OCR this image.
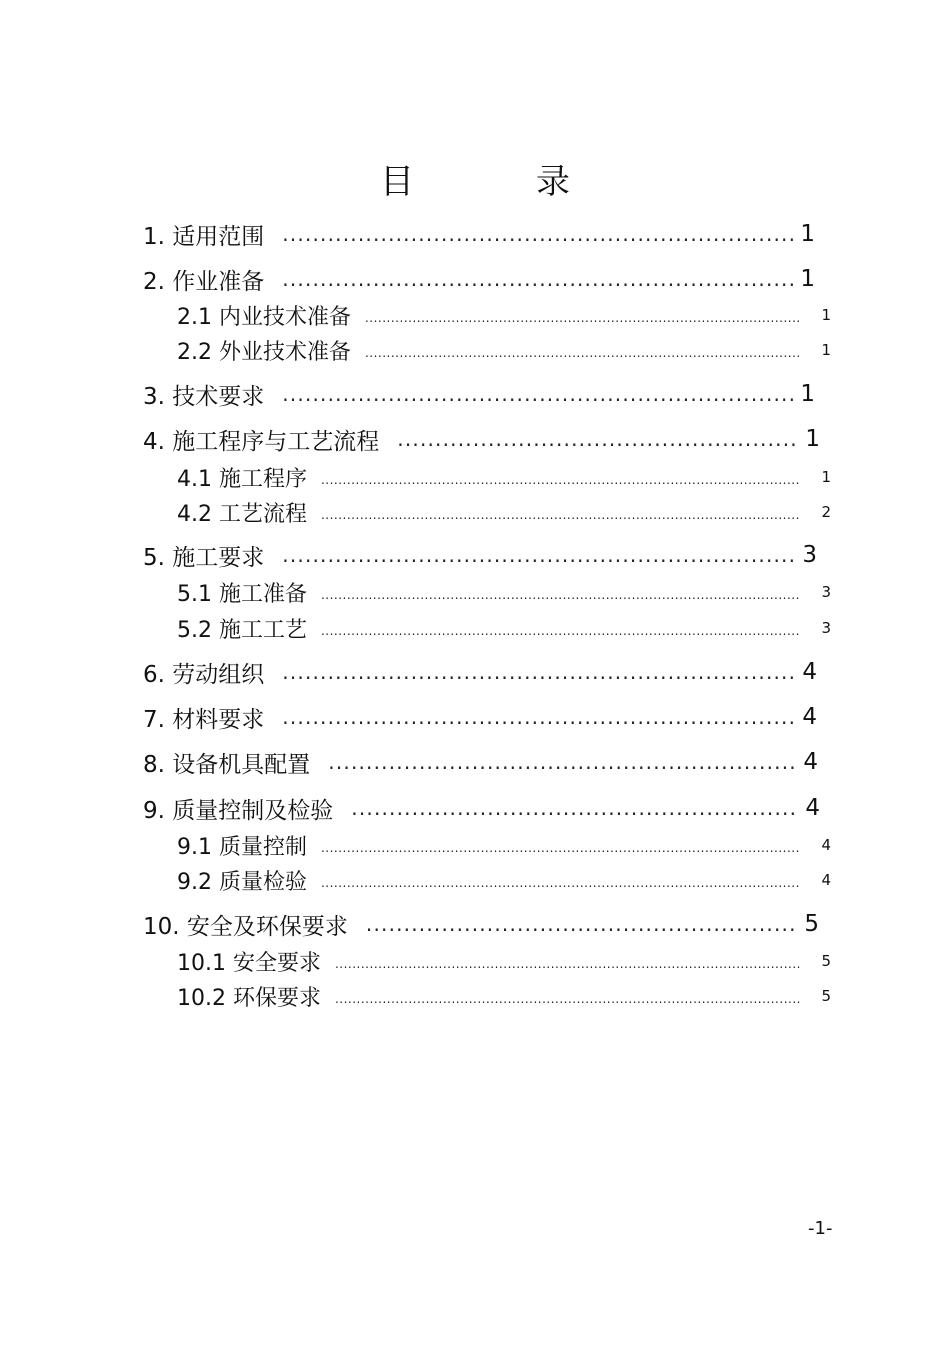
目　录
1. 适用范围 .....	1
2. 作业准备 .....	1
2.1 内业技术准备 .....	1
2.2 外业技术准备 .....	1
3. 技术要求 .....	1
4. 施工程序与工艺流程 .....	1
4.1 施工程序 .....	1
4.2 工艺流程 .....	2
5. 施工要求 .....	3
5.1 施工准备 .....	3
5.2 施工工艺 .....	3
6. 劳动组织 .....	4
7. 材料要求 .....	4
8. 设备机具配置 .....	4
9. 质量控制及检验 .....	4
9.1 质量控制 .....	4
9.2 质量检验 .....	4
10. 安全及环保要求 .....	5
10.1 安全要求 .....	5
10.2 环保要求 .....	5
-1-
